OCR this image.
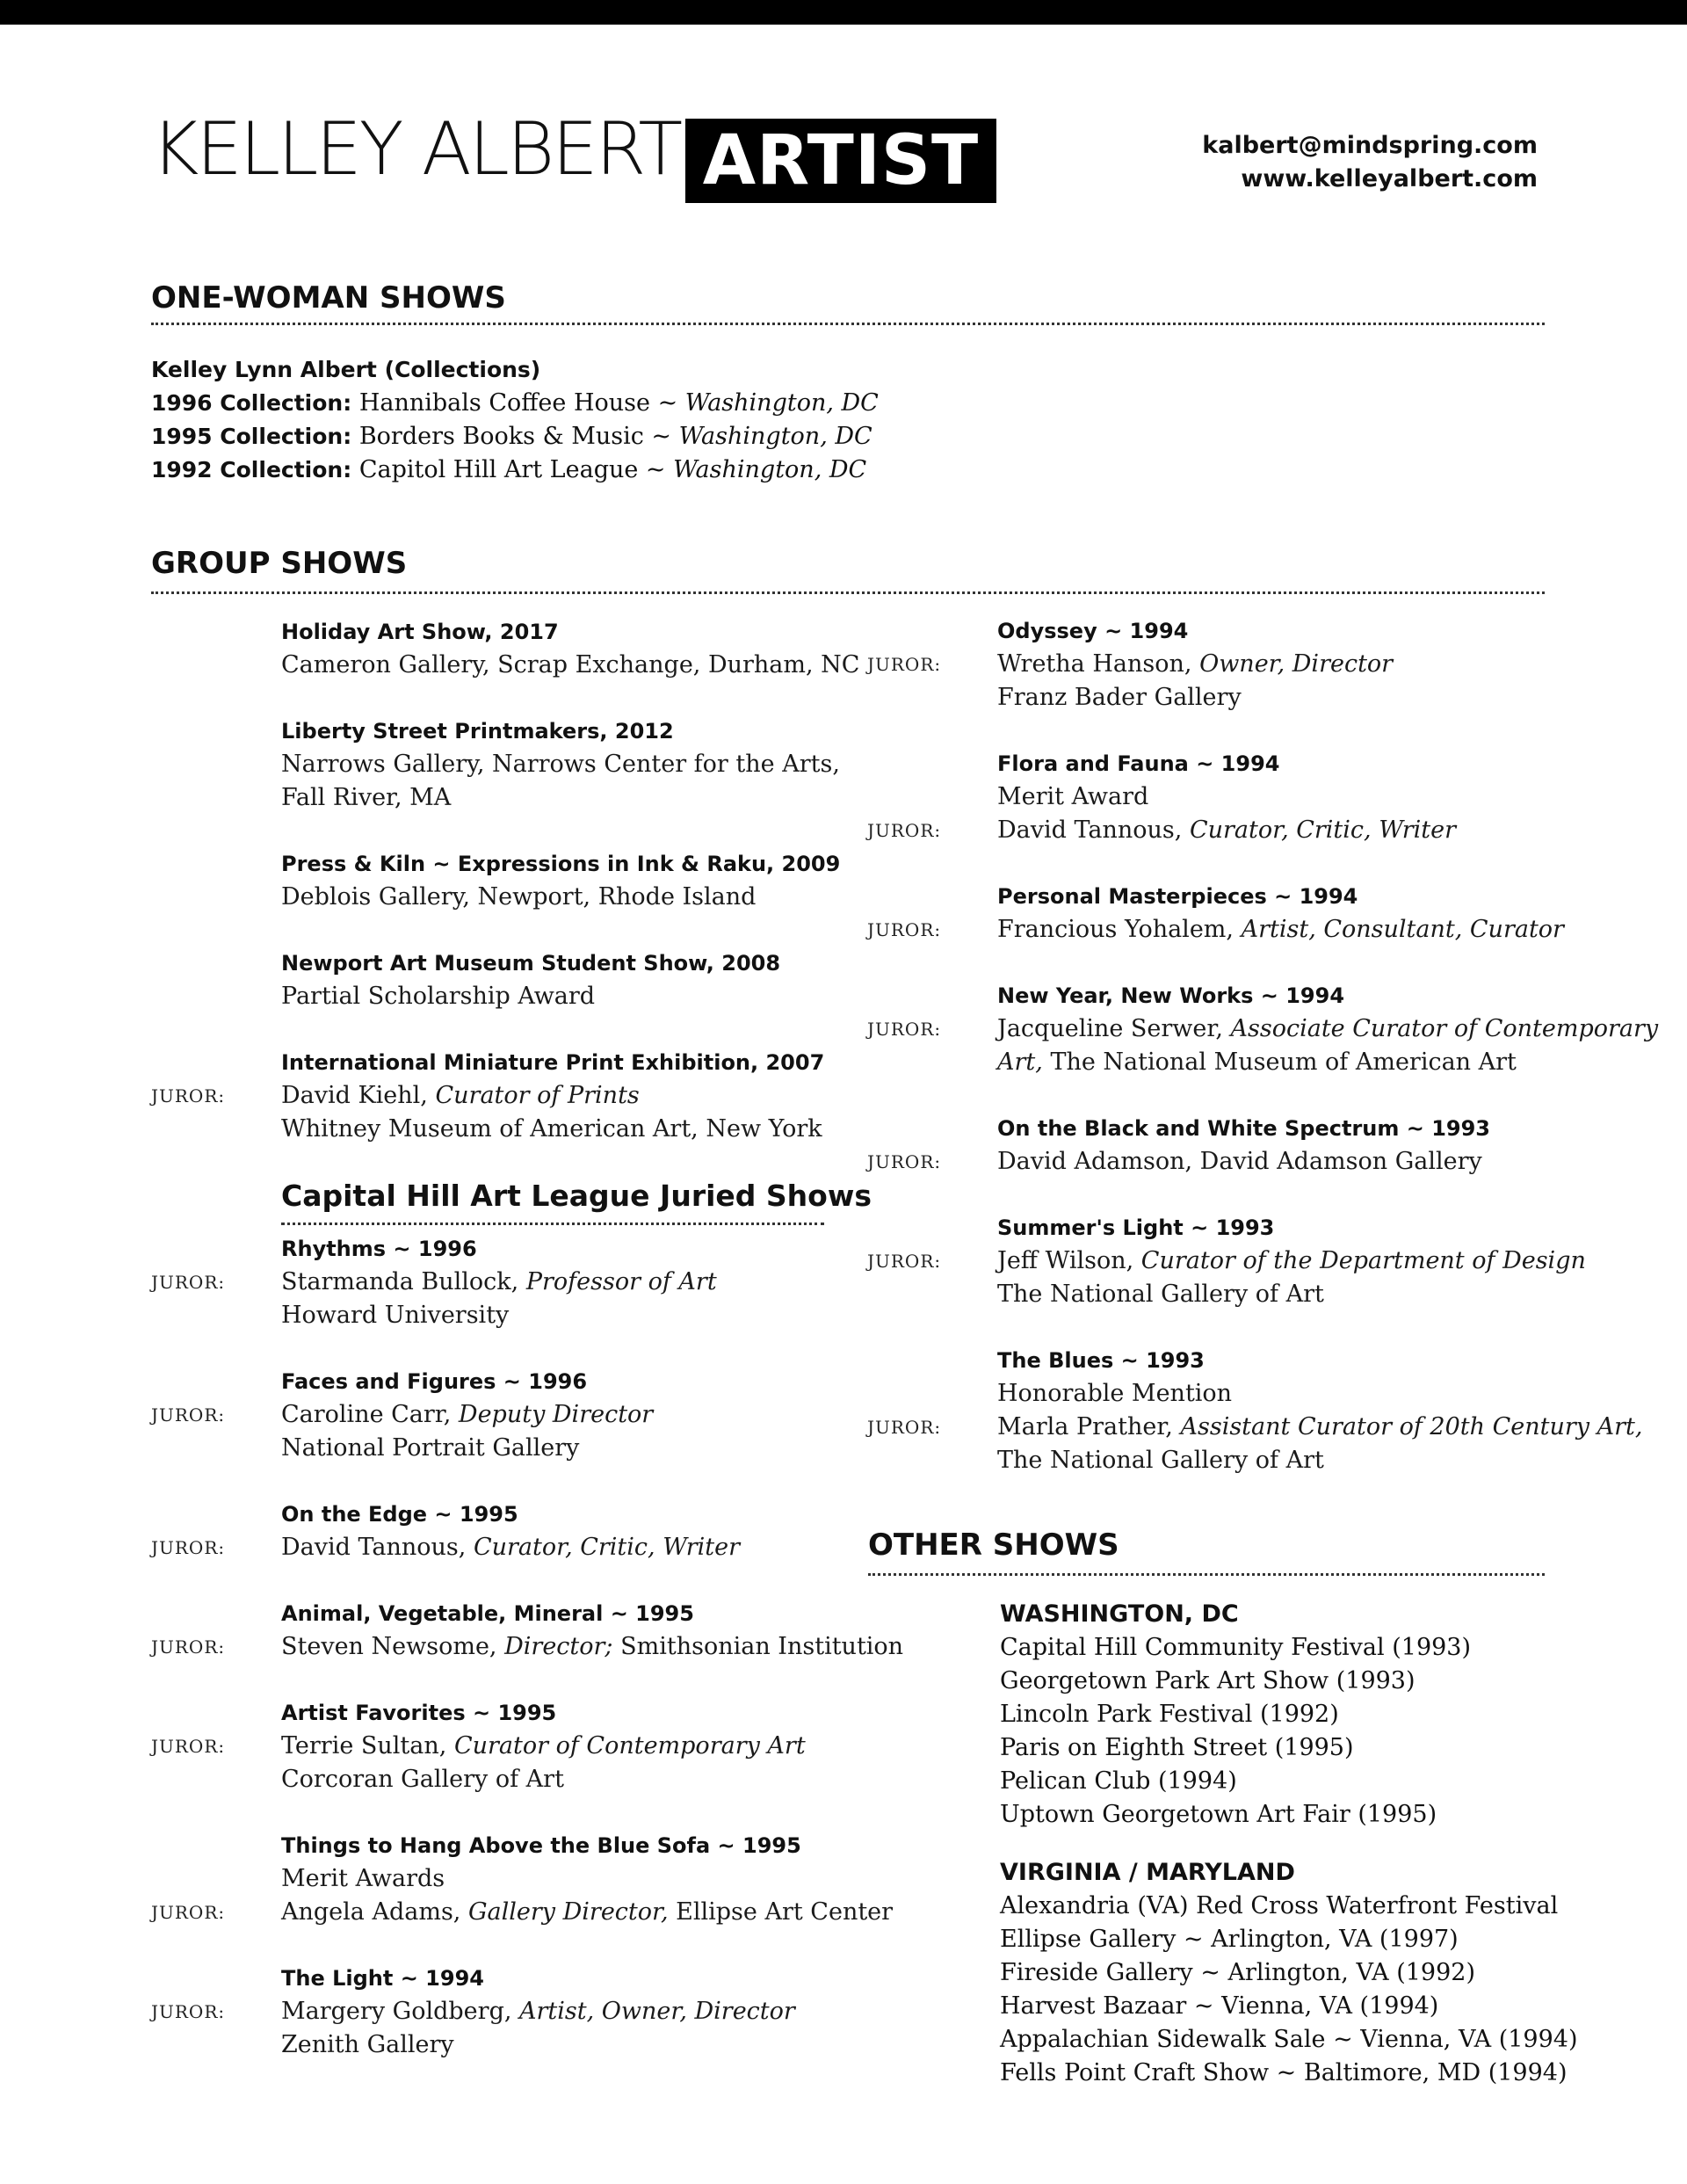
KELLEY ALBERT ARTIST	kalbert@mindspring.com
www.kelleyalbert.com
ONE-WOMAN SHOWS
Kelley Lynn Albert (Collections)
1996 Collection: Hannibals Coffee House ~ Washington, DC
1995 Collection: Borders Books & Music ~ Washington, DC
1992 Collection: Capitol Hill Art League ~ Washington, DC
GROUP SHOWS
Holiday Art Show, 2017
Cameron Gallery, Scrap Exchange, Durham, NC
Liberty Street Printmakers, 2012
Narrows Gallery, Narrows Center for the Arts,
Fall River, MA
Press & Kiln ~ Expressions in Ink & Raku, 2009
Deblois Gallery, Newport, Rhode Island
Newport Art Museum Student Show, 2008
Partial Scholarship Award
International Miniature Print Exhibition, 2007
JUROR: David Kiehl, Curator of Prints
Whitney Museum of American Art, New York
Capital Hill Art League Juried Shows
Rhythms ~ 1996
JUROR: Starmanda Bullock, Professor of Art
Howard University
Faces and Figures ~ 1996
JUROR: Caroline Carr, Deputy Director
National Portrait Gallery
On the Edge ~ 1995
JUROR: David Tannous, Curator, Critic, Writer
Animal, Vegetable, Mineral ~ 1995
JUROR: Steven Newsome, Director; Smithsonian Institution
Artist Favorites ~ 1995
JUROR: Terrie Sultan, Curator of Contemporary Art
Corcoran Gallery of Art
Things to Hang Above the Blue Sofa ~ 1995
Merit Awards
JUROR: Angela Adams, Gallery Director, Ellipse Art Center
The Light ~ 1994
JUROR: Margery Goldberg, Artist, Owner, Director
Zenith Gallery
Odyssey ~ 1994
JUROR: Wretha Hanson, Owner, Director
Franz Bader Gallery
Flora and Fauna ~ 1994
Merit Award
JUROR: David Tannous, Curator, Critic, Writer
Personal Masterpieces ~ 1994
JUROR: Francious Yohalem, Artist, Consultant, Curator
New Year, New Works ~ 1994
JUROR: Jacqueline Serwer, Associate Curator of Contemporary
Art, The National Museum of American Art
On the Black and White Spectrum ~ 1993
JUROR: David Adamson, David Adamson Gallery
Summer's Light ~ 1993
JUROR: Jeff Wilson, Curator of the Department of Design
The National Gallery of Art
The Blues ~ 1993
Honorable Mention
JUROR: Marla Prather, Assistant Curator of 20th Century Art,
The National Gallery of Art
OTHER SHOWS
WASHINGTON, DC
Capital Hill Community Festival (1993)
Georgetown Park Art Show (1993)
Lincoln Park Festival (1992)
Paris on Eighth Street (1995)
Pelican Club (1994)
Uptown Georgetown Art Fair (1995)
VIRGINIA / MARYLAND
Alexandria (VA) Red Cross Waterfront Festival
Ellipse Gallery ~ Arlington, VA (1997)
Fireside Gallery ~ Arlington, VA (1992)
Harvest Bazaar ~ Vienna, VA (1994)
Appalachian Sidewalk Sale ~ Vienna, VA (1994)
Fells Point Craft Show ~ Baltimore, MD (1994)
